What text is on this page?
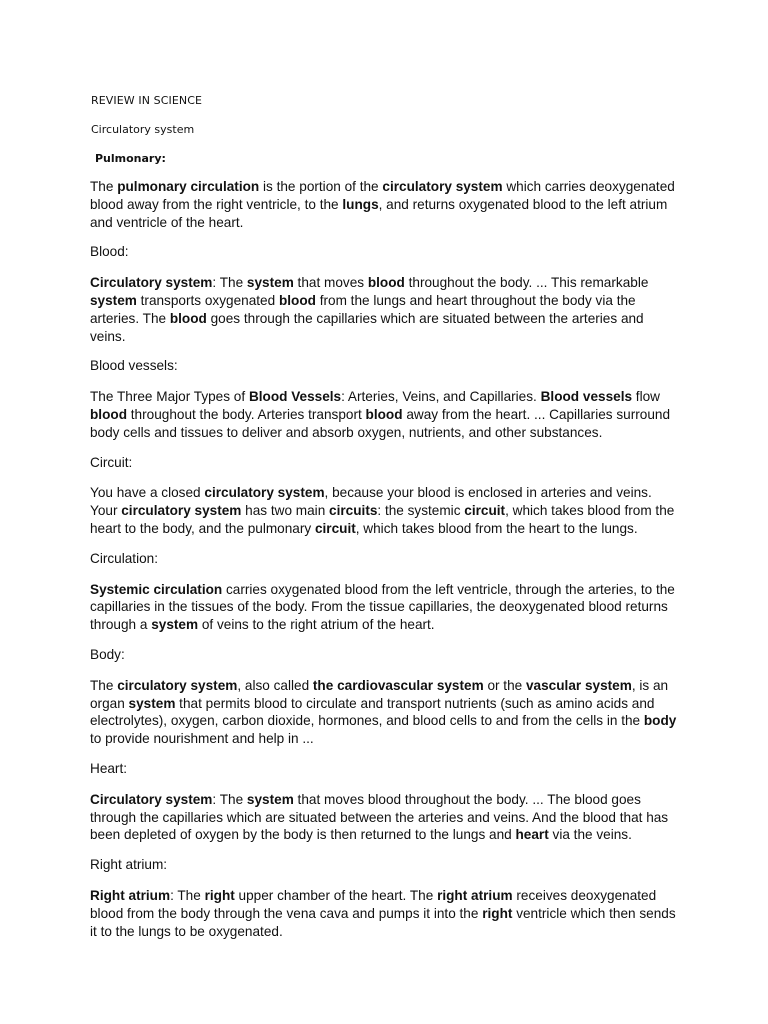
REVIEW IN SCIENCE
Circulatory system
Pulmonary:

The pulmonary circulation is the portion of the circulatory system which carries deoxygenated blood away from the right ventricle, to the lungs, and returns oxygenated blood to the left atrium and ventricle of the heart.

Blood:

Circulatory system: The system that moves blood throughout the body. ... This remarkable system transports oxygenated blood from the lungs and heart throughout the body via the arteries. The blood goes through the capillaries which are situated between the arteries and veins.

Blood vessels:

The Three Major Types of Blood Vessels: Arteries, Veins, and Capillaries. Blood vessels flow blood throughout the body. Arteries transport blood away from the heart. ... Capillaries surround body cells and tissues to deliver and absorb oxygen, nutrients, and other substances.

Circuit:

You have a closed circulatory system, because your blood is enclosed in arteries and veins. Your circulatory system has two main circuits: the systemic circuit, which takes blood from the heart to the body, and the pulmonary circuit, which takes blood from the heart to the lungs.

Circulation:

Systemic circulation carries oxygenated blood from the left ventricle, through the arteries, to the capillaries in the tissues of the body. From the tissue capillaries, the deoxygenated blood returns through a system of veins to the right atrium of the heart.

Body:

The circulatory system, also called the cardiovascular system or the vascular system, is an organ system that permits blood to circulate and transport nutrients (such as amino acids and electrolytes), oxygen, carbon dioxide, hormones, and blood cells to and from the cells in the body to provide nourishment and help in ...

Heart:

Circulatory system: The system that moves blood throughout the body. ... The blood goes through the capillaries which are situated between the arteries and veins. And the blood that has been depleted of oxygen by the body is then returned to the lungs and heart via the veins.

Right atrium:

Right atrium: The right upper chamber of the heart. The right atrium receives deoxygenated blood from the body through the vena cava and pumps it into the right ventricle which then sends it to the lungs to be oxygenated.
